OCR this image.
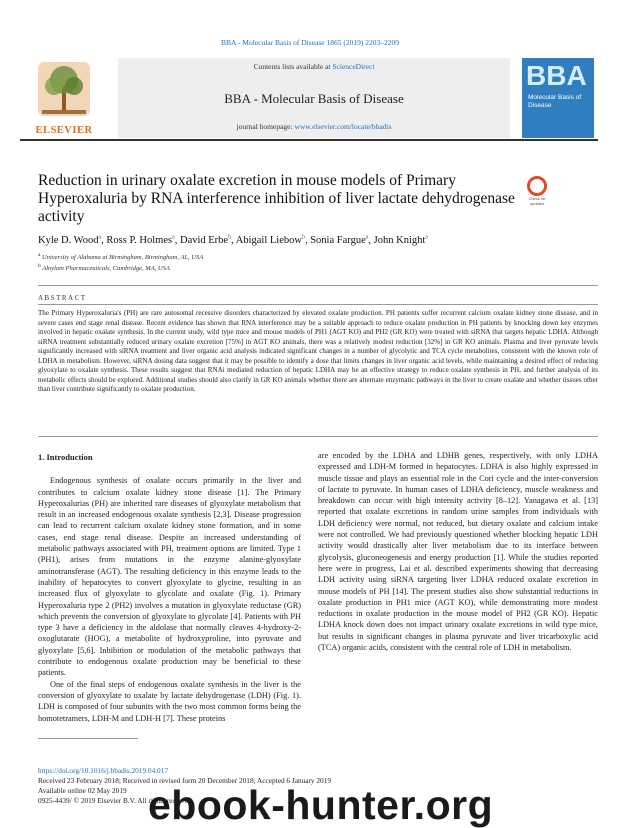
BBA - Molecular Basis of Disease 1865 (2019) 2203–2209
ELSEVIER
Contents lists available at ScienceDirect
BBA - Molecular Basis of Disease
journal homepage: www.elsevier.com/locate/bbadis
BBA
Molecular Basis of Disease
Reduction in urinary oxalate excretion in mouse models of Primary Hyperoxaluria by RNA interference inhibition of liver lactate dehydrogenase activity
Check for updates
Kyle D. Wood$^a$, Ross P. Holmes$^a$, David Erbe$^b$, Abigail Liebow$^b$, Sonia Fargue$^a$, John Knight$^a$
$^a$ University of Alabama at Birmingham, Birmingham, AL, USA
$^b$ Alnylam Pharmaceuticals, Cambridge, MA, USA
ABSTRACT
The Primary Hyperoxaluria's (PH) are rare autosomal recessive disorders characterized by elevated oxalate production. PH patients suffer recurrent calcium oxalate kidney stone disease, and in severe cases end stage renal disease. Recent evidence has shown that RNA interference may be a suitable approach to reduce oxalate production in PH patients by knocking down key enzymes involved in hepatic oxalate synthesis. In the current study, wild type mice and mouse models of PH1 (AGT KO) and PH2 (GR KO) were treated with siRNA that targets hepatic LDHA. Although siRNA treatment substantially reduced urinary oxalate excretion [75%] in AGT KO animals, there was a relatively modest reduction [32%] in GR KO animals. Plasma and liver pyruvate levels significantly increased with siRNA treatment and liver organic acid analysis indicated significant changes in a number of glycolytic and TCA cycle metabolites, consistent with the known role of LDHA in metabolism. However, siRNA dosing data suggest that it may be possible to identify a dose that limits changes in liver organic acid levels, while maintaining a desired effect of reducing glyoxylate to oxalate synthesis. These results suggest that RNAi mediated reduction of hepatic LDHA may be an effective strategy to reduce oxalate synthesis in PH, and further analysis of its metabolic effects should be explored. Additional studies should also clarify in GR KO animals whether there are alternate enzymatic pathways in the liver to create oxalate and whether tissues other than liver contribute significantly to oxalate production.

1. Introduction

Endogenous synthesis of oxalate occurs primarily in the liver and contributes to calcium oxalate kidney stone disease [1]. The Primary Hyperoxalurias (PH) are inherited rare diseases of glyoxylate metabolism that result in an increased endogenous oxalate synthesis [2,3]. Disease progression can lead to recurrent calcium oxalate kidney stone formation, and in some cases, end stage renal disease. Despite an increased understanding of metabolic pathways associated with PH, treatment options are limited. Type 1 (PH1), arises from mutations in the enzyme alanine-glyoxylate aminotransferase (AGT). The resulting deficiency in this enzyme leads to the inability of hepatocytes to convert glyoxylate to glycine, resulting in an increased flux of glyoxylate to glycolate and oxalate (Fig. 1). Primary Hyperoxaluria type 2 (PH2) involves a mutation in glyoxylate reductase (GR) which prevents the conversion of glyoxylate to glycolate [4]. Patients with PH type 3 have a deficiency in the aldolase that normally cleaves 4-hydroxy-2-oxoglutarate (HOG), a metabolite of hydroxyproline, into pyruvate and glyoxylate [5,6]. Inhibition or modulation of the metabolic pathways that contribute to endogenous oxalate production may be beneficial to these patients.

One of the final steps of endogenous oxalate synthesis in the liver is the conversion of glyoxylate to oxalate by lactate dehydrogenase (LDH) (Fig. 1). LDH is composed of four subunits with the two most common forms being the homotetramers, LDH-M and LDH-H [7]. These proteins

are encoded by the LDHA and LDHB genes, respectively, with only LDHA expressed and LDH-M formed in hepatocytes. LDHA is also highly expressed in muscle tissue and plays an essential role in the Cori cycle and the inter-conversion of lactate to pyruvate. In human cases of LDHA deficiency, muscle weakness and breakdown can occur with high intensity activity [8–12]. Yanagawa et al. [13] reported that oxalate excretions in random urine samples from individuals with LDH deficiency were normal, not reduced, but dietary oxalate and calcium intake were not controlled. We had previously questioned whether blocking hepatic LDH activity would drastically alter liver metabolism due to its interface between glycolysis, gluconeogenesis and energy production [1]. While the studies reported here were in progress, Lai et al. described experiments showing that decreasing LDH activity using siRNA targeting liver LDHA reduced oxalate excretion in mouse models of PH [14]. The present studies also show substantial reductions in oxalate production in PH1 mice (AGT KO), while demonstrating more modest reductions in oxalate production in the mouse model of PH2 (GR KO). Hepatic LDHA knock down does not impact urinary oxalate excretions in wild type mice, but results in significant changes in plasma pyruvate and liver tricarboxylic acid (TCA) organic acids, consistent with the central role of LDH in metabolism.

https://doi.org/10.1016/j.bbadis.2019.04.017
Received 23 February 2018; Received in revised form 20 December 2018; Accepted 6 January 2019
Available online 02 May 2019
0925-4439/ © 2019 Elsevier B.V. All rights reserved.
ebook-hunter.org
